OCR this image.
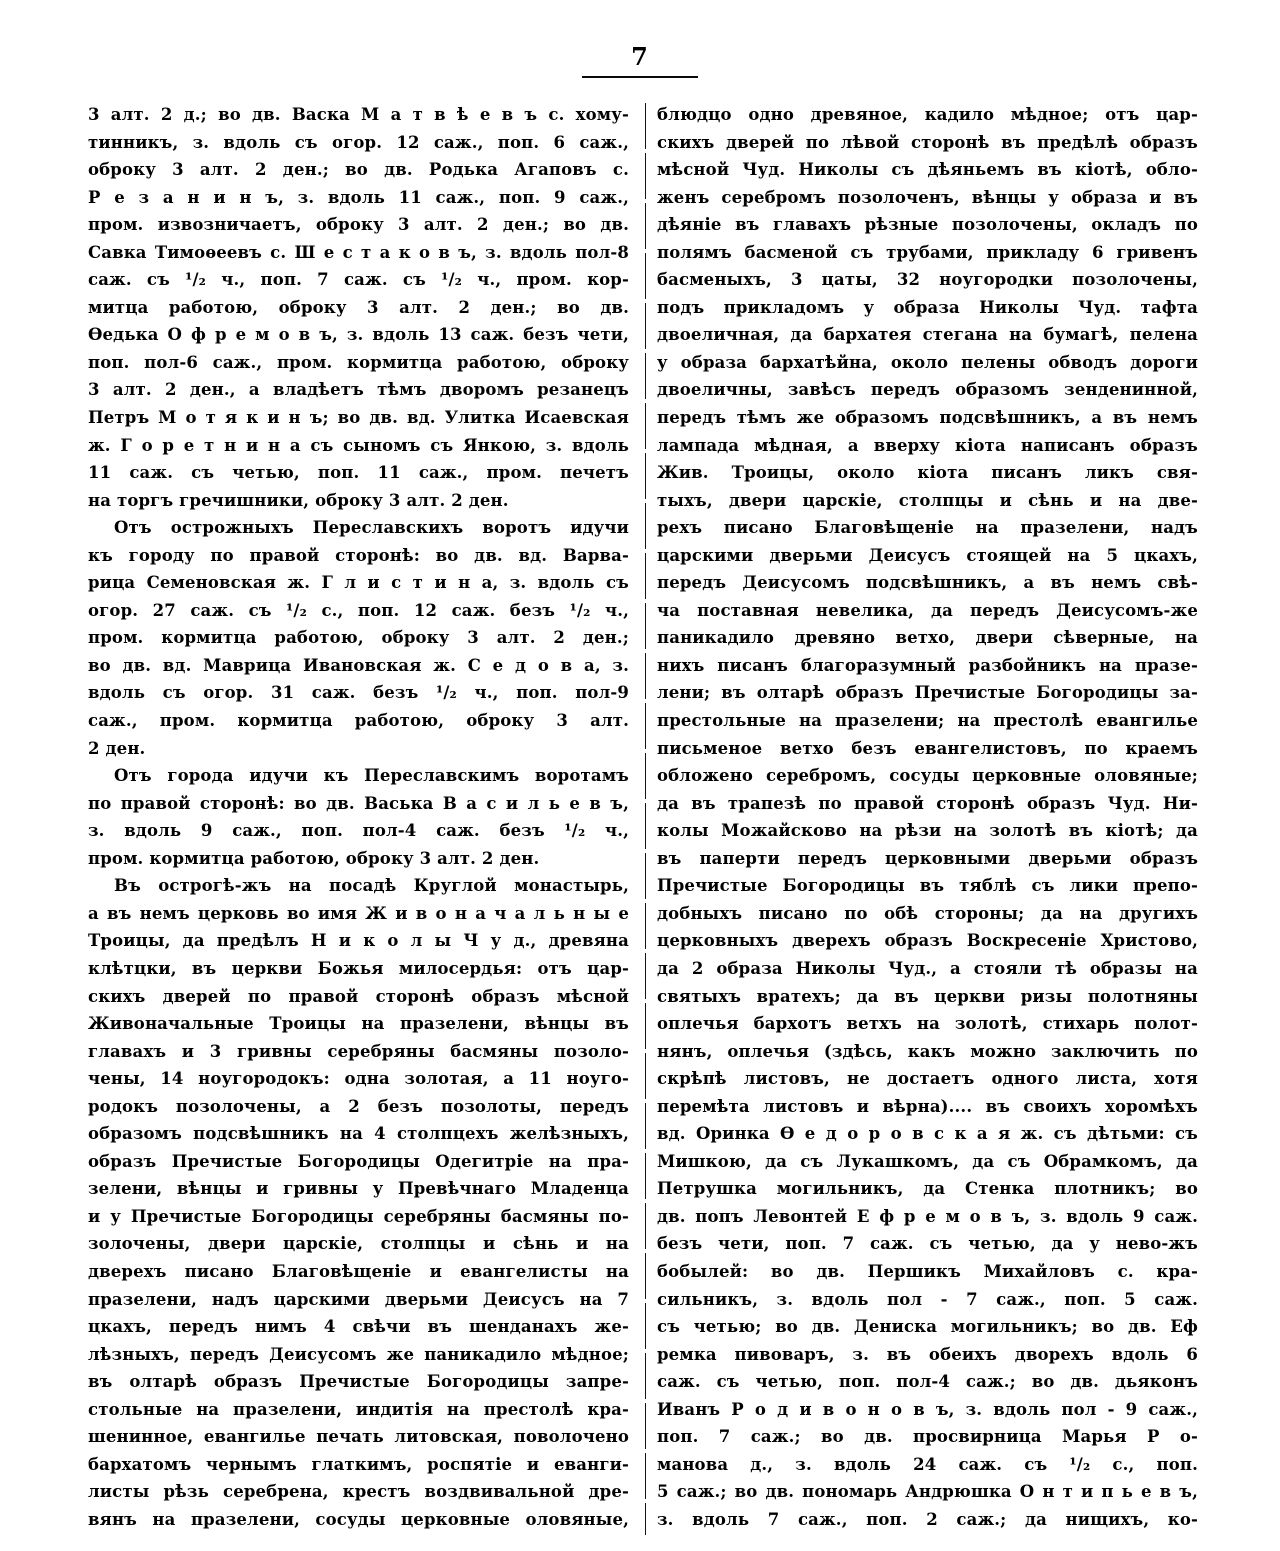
7
3 алт. 2 д.; во дв. Васка М а т в ѣ е в ъ с. хому-
тинникъ, з. вдоль съ огор. 12 саж., поп. 6 саж.,
оброку 3 алт. 2 ден.; во дв. Родька Агаповъ с.
Р е з а н и н ъ, з. вдоль 11 саж., поп. 9 саж.,
пром. извозничаетъ, оброку 3 алт. 2 ден.; во дв.
Савка Тимоѳеевъ с. Ш е с т а к о в ъ, з. вдоль пол-8
саж. съ ¹/₂ ч., поп. 7 саж. съ ¹/₂ ч., пром. кор-
митца работою, оброку 3 алт. 2 ден.; во дв.
Ѳедька О ф р е м о в ъ, з. вдоль 13 саж. безъ чети,
поп. пол-6 саж., пром. кормитца работою, оброку
3 алт. 2 ден., а владѣетъ тѣмъ дворомъ резанецъ
Петръ М о т я к и н ъ; во дв. вд. Улитка Исаевская
ж. Г о р е т н и н а съ сыномъ съ Янкою, з. вдоль
11 саж. съ четью, поп. 11 саж., пром. печетъ
на торгъ гречишники, оброку 3 алт. 2 ден.
Отъ острожныхъ Переславскихъ воротъ идучи
къ городу по правой сторонѣ: во дв. вд. Варва-
рица Семеновская ж. Г л и с т и н а, з. вдоль съ
огор. 27 саж. съ ¹/₂ с., поп. 12 саж. безъ ¹/₂ ч.,
пром. кормитца работою, оброку 3 алт. 2 ден.;
во дв. вд. Маврица Ивановская ж. С е д о в а, з.
вдоль съ огор. 31 саж. безъ ¹/₂ ч., поп. пол-9
саж., пром. кормитца работою, оброку 3 алт.
2 ден.
Отъ города идучи къ Переславскимъ воротамъ
по правой сторонѣ: во дв. Васька В а с и л ь е в ъ,
з. вдоль 9 саж., поп. пол-4 саж. безъ ¹/₂ ч.,
пром. кормитца работою, оброку 3 алт. 2 ден.
Въ острогѣ-жъ на посадѣ Круглой монастырь,
а въ немъ церковь во имя Ж и в о н а ч а л ь н ы е
Троицы, да предѣлъ Н и к о л ы Ч у д., древяна
клѣтцки, въ церкви Божья милосердья: отъ цар-
скихъ дверей по правой сторонѣ образъ мѣсной
Живоначальные Троицы на празелени, вѣнцы въ
главахъ и 3 гривны серебряны басмяны позоло-
чены, 14 ноугородокъ: одна золотая, а 11 ноуго-
родокъ позолочены, а 2 безъ позолоты, передъ
образомъ подсвѣшникъ на 4 столпцехъ желѣзныхъ,
образъ Пречистые Богородицы Одегитріе на пра-
зелени, вѣнцы и гривны у Превѣчнаго Младенца
и у Пречистые Богородицы серебряны басмяны по-
золочены, двери царскіе, столпцы и сѣнь и на
дверехъ писано Благовѣщеніе и евангелисты на
празелени, надъ царскими дверьми Деисусъ на 7
цкахъ, передъ нимъ 4 свѣчи въ шенданахъ же-
лѣзныхъ, передъ Деисусомъ же паникадило мѣдное;
въ олтарѣ образъ Пречистые Богородицы запре-
стольные на празелени, индитія на престолѣ кра-
шенинное, евангилье печать литовская, поволочено
бархатомъ чернымъ глаткимъ, роспятіе и еванги-
листы рѣзь серебрена, крестъ воздвивальной дре-
вянъ на празелени, сосуды церковные оловяные,
блюдцо одно древяное, кадило мѣдное; отъ цар-
скихъ дверей по лѣвой сторонѣ въ предѣлѣ образъ
мѣсной Чуд. Николы съ дѣяньемъ въ кіотѣ, обло-
женъ серебромъ позолоченъ, вѣнцы у образа и въ
дѣяніе въ главахъ рѣзные позолочены, окладъ по
полямъ басменой съ трубами, прикладу 6 гривенъ
басменыхъ, 3 цаты, 32 ноугородки позолочены,
подъ прикладомъ у образа Николы Чуд. тафта
двоеличная, да бархатея стегана на бумагѣ, пелена
у образа бархатѣйна, около пелены обводъ дороги
двоеличны, завѣсъ передъ образомъ зенденинной,
передъ тѣмъ же образомъ подсвѣшникъ, а въ немъ
лампада мѣдная, а вверху кіота написанъ образъ
Жив. Троицы, около кіота писанъ ликъ свя-
тыхъ, двери царскіе, столпцы и сѣнь и на две-
рехъ писано Благовѣщеніе на празелени, надъ
царскими дверьми Деисусъ стоящей на 5 цкахъ,
передъ Деисусомъ подсвѣшникъ, а въ немъ свѣ-
ча поставная невелика, да передъ Деисусомъ-же
паникадило древяно ветхо, двери сѣверные, на
нихъ писанъ благоразумный разбойникъ на празе-
лени; въ олтарѣ образъ Пречистые Богородицы за-
престольные на празелени; на престолѣ евангилье
письменое ветхо безъ евангелистовъ, по краемъ
обложено серебромъ, сосуды церковные оловяные;
да въ трапезѣ по правой сторонѣ образъ Чуд. Ни-
колы Можайсково на рѣзи на золотѣ въ кіотѣ; да
въ паперти передъ церковными дверьми образъ
Пречистые Богородицы въ тяблѣ съ лики препо-
добныхъ писано по обѣ стороны; да на другихъ
церковныхъ дверехъ образъ Воскресеніе Христово,
да 2 образа Николы Чуд., а стояли тѣ образы на
святыхъ вратехъ; да въ церкви ризы полотняны
оплечья бархотъ ветхъ на золотѣ, стихарь полот-
нянъ, оплечья (здѣсь, какъ можно заключить по
скрѣпѣ листовъ, не достаетъ одного листа, хотя
перемѣта листовъ и вѣрна).... въ своихъ хоромѣхъ
вд. Оринка Ѳ е д о р о в с к а я ж. съ дѣтьми: съ
Мишкою, да съ Лукашкомъ, да съ Обрамкомъ, да
Петрушка могильникъ, да Стенка плотникъ; во
дв. попъ Левонтей Е ф р е м о в ъ, з. вдоль 9 саж.
безъ чети, поп. 7 саж. съ четью, да у нево-жъ
бобылей: во дв. Першикъ Михайловъ с. кра-
сильникъ, з. вдоль пол - 7 саж., поп. 5 саж.
съ четью; во дв. Дениска могильникъ; во дв. Еф
ремка пивоваръ, з. въ обеихъ дворехъ вдоль 6
саж. съ четью, поп. пол-4 саж.; во дв. дьяконъ
Иванъ Р о д и в о н о в ъ, з. вдоль пол - 9 саж.,
поп. 7 саж.; во дв. просвирница Марья Р о-
манова д., з. вдоль 24 саж. съ ¹/₂ с., поп.
5 саж.; во дв. пономарь Андрюшка О н т и п ь е в ъ,
з. вдоль 7 саж., поп. 2 саж.; да нищихъ, ко-
